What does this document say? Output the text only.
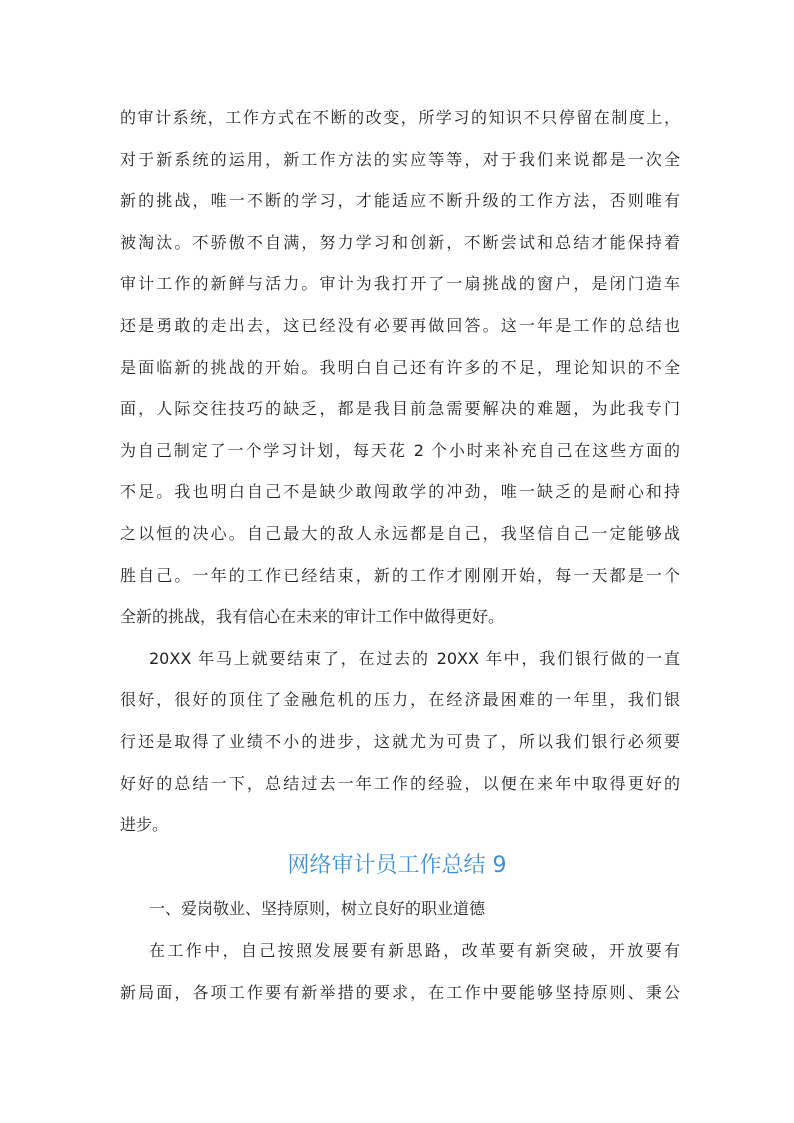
的审计系统，工作方式在不断的改变，所学习的知识不只停留在制度上，
对于新系统的运用，新工作方法的实应等等，对于我们来说都是一次全
新的挑战，唯一不断的学习，才能适应不断升级的工作方法，否则唯有
被淘汰。不骄傲不自满，努力学习和创新，不断尝试和总结才能保持着
审计工作的新鲜与活力。审计为我打开了一扇挑战的窗户，是闭门造车
还是勇敢的走出去，这已经没有必要再做回答。这一年是工作的总结也
是面临新的挑战的开始。我明白自己还有许多的不足，理论知识的不全
面，人际交往技巧的缺乏，都是我目前急需要解决的难题，为此我专门
为自己制定了一个学习计划，每天花 2 个小时来补充自己在这些方面的
不足。我也明白自己不是缺少敢闯敢学的冲劲，唯一缺乏的是耐心和持
之以恒的决心。自己最大的敌人永远都是自己，我坚信自己一定能够战
胜自己。一年的工作已经结束，新的工作才刚刚开始，每一天都是一个
全新的挑战，我有信心在未来的审计工作中做得更好。
20XX 年马上就要结束了，在过去的 20XX 年中，我们银行做的一直
很好，很好的顶住了金融危机的压力，在经济最困难的一年里，我们银
行还是取得了业绩不小的进步，这就尤为可贵了，所以我们银行必须要
好好的总结一下，总结过去一年工作的经验，以便在来年中取得更好的
进步。
网络审计员工作总结 9
一、爱岗敬业、坚持原则，树立良好的职业道德
在工作中，自己按照发展要有新思路，改革要有新突破，开放要有
新局面，各项工作要有新举措的要求，在工作中要能够坚持原则、秉公
